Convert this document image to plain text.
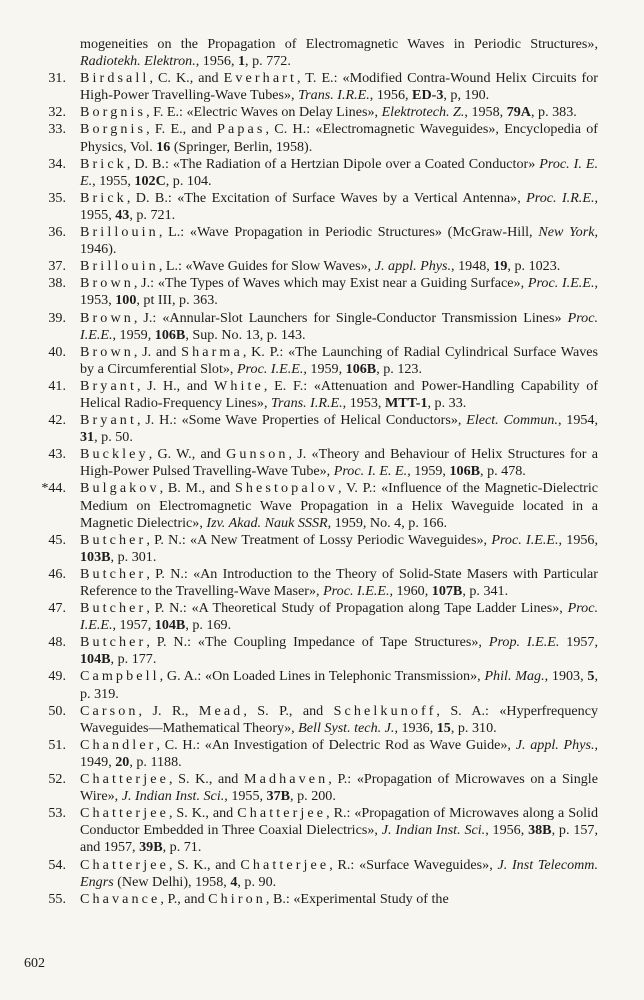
mogeneities on the Propagation of Electromagnetic Waves in Periodic Structures», Radiotekh. Elektron., 1956, 1, p. 772.

31. Birdsall, C. K., and Everhart, T. E.: «Modified Contra-Wound Helix Circuits for High-Power Travelling-Wave Tubes», Trans. I.R.E., 1956, ED-3, p, 190.

32. Borgnis, F. E.: «Electric Waves on Delay Lines», Elektrotech. Z., 1958, 79A, p. 383.

33. Borgnis, F. E., and Papas, C. H.: «Electromagnetic Waveguides», Encyclopedia of Physics, Vol. 16 (Springer, Berlin, 1958).

34. Brick, D. B.: «The Radiation of a Hertzian Dipole over a Coated Conductor» Proc. I. E. E., 1955, 102C, p. 104.

35. Brick, D. B.: «The Excitation of Surface Waves by a Vertical Antenna», Proc. I.R.E., 1955, 43, p. 721.

36. Brillouin, L.: «Wave Propagation in Periodic Structures» (McGraw-Hill, New York, 1946).

37. Brillouin, L.: «Wave Guides for Slow Waves», J. appl. Phys., 1948, 19, p. 1023.

38. Brown, J.: «The Types of Waves which may Exist near a Guiding Surface», Proc. I.E.E., 1953, 100, pt III, p. 363.

39. Brown, J.: «Annular-Slot Launchers for Single-Conductor Transmission Lines» Proc. I.E.E., 1959, 106B, Sup. No. 13, p. 143.

40. Brown, J. and Sharma, K. P.: «The Launching of Radial Cylindrical Surface Waves by a Circumferential Slot», Proc. I.E.E., 1959, 106B, p. 123.

41. Bryant, J. H., and White, E. F.: «Attenuation and Power-Handling Capability of Helical Radio-Frequency Lines», Trans. I.R.E., 1953, MTT-1, p. 33.

42. Bryant, J. H.: «Some Wave Properties of Helical Conductors», Elect. Commun., 1954, 31, p. 50.

43. Buckley, G. W., and Gunson, J. «Theory and Behaviour of Helix Structures for a High-Power Pulsed Travelling-Wave Tube», Proc. I. E. E., 1959, 106B, p. 478.

*44. Bulgakov, B. M., and Shestopalov, V. P.: «Influence of the Magnetic-Dielectric Medium on Electromagnetic Wave Propagation in a Helix Waveguide located in a Magnetic Dielectric», Izv. Akad. Nauk SSSR, 1959, No. 4, p. 166.

45. Butcher, P. N.: «A New Treatment of Lossy Periodic Waveguides», Proc. I.E.E., 1956, 103B, p. 301.

46. Butcher, P. N.: «An Introduction to the Theory of Solid-State Masers with Particular Reference to the Travelling-Wave Maser», Proc. I.E.E., 1960, 107B, p. 341.

47. Butcher, P. N.: «A Theoretical Study of Propagation along Tape Ladder Lines», Proc. I.E.E., 1957, 104B, p. 169.

48. Butcher, P. N.: «The Coupling Impedance of Tape Structures», Prop. I.E.E. 1957, 104B, p. 177.

49. Campbell, G. A.: «On Loaded Lines in Telephonic Transmission», Phil. Mag., 1903, 5, p. 319.

50. Carson, J. R., Mead, S. P., and Schelkunoff, S. A.: «Hyperfrequency Waveguides—Mathematical Theory», Bell Syst. tech. J., 1936, 15, p. 310.

51. Chandler, C. H.: «An Investigation of Delectric Rod as Wave Guide», J. appl. Phys., 1949, 20, p. 1188.

52. Chatterjee, S. K., and Madhaven, P.: «Propagation of Microwaves on a Single Wire», J. Indian Inst. Sci., 1955, 37B, p. 200.

53. Chatterjee, S. K., and Chatterjee, R.: «Propagation of Microwaves along a Solid Conductor Embedded in Three Coaxial Dielectrics», J. Indian Inst. Sci., 1956, 38B, p. 157, and 1957, 39B, p. 71.

54. Chatterjee, S. K., and Chatterjee, R.: «Surface Waveguides», J. Inst Telecomm. Engrs (New Delhi), 1958, 4, p. 90.

55. Chavance, P., and Chiron, B.: «Experimental Study of the

602
